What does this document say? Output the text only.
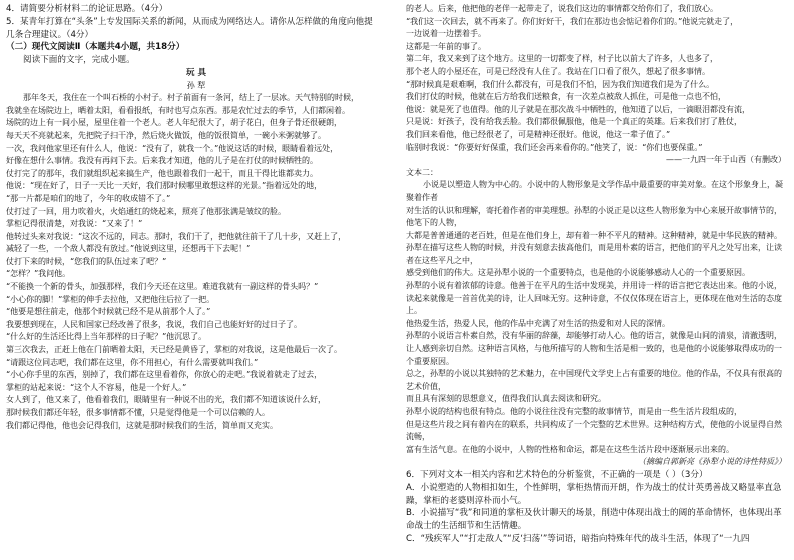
4．请简要分析材料二的论证思路。（4分）

5．某青年打算在“头条”上专发国际关系的新闻，从而成为网络达人。请你从怎样做的角度向他提

几条合理建议。（4分）

（二）现代文阅读Ⅱ（本题共4小题，共18分）

阅读下面的文字，完成小题。

玩 具

孙 犁

那年冬天，我住在一个叫石桥的小村子。村子前面有一条河，结上了一层冰。天气特别的时候，

我就坐在场院边上，晒着太阳，看看报纸，有时也写点东西。那是农忙过去的季节，人们都闲着。

场院的边上有一间小屋，屋里住着一个老人。老人年纪很大了，胡子花白，但身子骨还很硬朗，

每天天不亮就起来，先把院子扫干净，然后烧火做饭，他的饭很简单，一碗小米粥就够了。

一次，我问他家里还有什么人，他说：“没有了，就我一个。”他说这话的时候，眼睛看着远处，

好像在想什么事情。我没有再问下去。后来我才知道，他的儿子是在打仗的时候牺牲的。

仗打完了的那年，我们就组织起来搞生产，他也跟着我们一起干，而且干得比谁都卖力。

他说：“现在好了，日子一天比一天好，我们那时候哪里敢想这样的光景。”指着远处的地，

“那一片都是咱们的地了，今年的收成错不了。”

仗打过了一回，用力吹着火，火焰通红的烧起来，照亮了他那张满是皱纹的脸。

掌柜记得很清楚，对我说：“又来了！”

他转过头来对我说：“这次不远的，同志。那时，我们干了，把他就往前干了几十步，又赶上了，

减轻了一些，一个敌人都没有放过。”他说到这里，还想再干下去呢！”

仗打下来的时候，“您我们的队伍过来了吧？”

“怎样？”我问他。

“不能换一个新的骨头，加强那样，我们今天还在这里。难道我就有一副这样的骨头吗？”

“小心你的脚！”掌柜的伸手去拉他，又把他往后拉了一把。

“他要是想往前走，他那个时候就已经不是从前那个人了。”

我要想到现在，人民和国家已经改善了很多，我说，我们自己也能好好的过日子了。

“什么好的生活还比得上当年那样的日子呢？”他沉思了。

第三次我去，正赶上他在门前晒着太阳，天已经是黄昏了，掌柜的对我说，这是他最后一次了。

“请跟这位同志吧，我们都在这里，你不用担心，有什么需要就叫我们。”

“小心你手里的东西，别掉了，我们都在这里看着你，你放心的走吧。”我说着就走了过去，

掌柜的站起来说：“这个人不容易，他是一个好人。”

女人到了，他又来了，他看着我们，眼睛里有一种说不出的光，我们都不知道该说什么好，

那时候我们都还年轻，很多事情都不懂，只是觉得他是一个可以信赖的人。

我们都记得他，他也会记得我们，这就是那时候我们的生活，简单而又充实。

的老人。后来，他把他的老伴一起带走了，说我们这边的事情都交给你们了，我们放心。

“我们这一次回去，就不再来了。你们好好干，我们在那边也会惦记着你们的。”他说完就走了，

一边说着一边摆着手。

这都是一年前的事了。

第二年，我又来到了这个地方。这里的一切都变了样，村子比以前大了许多，人也多了，

那个老人的小屋还在，可是已经没有人住了。我站在门口看了很久，想起了很多事情。

“那时候真是艰难啊，我们什么都没有，可是我们不怕，因为我们知道我们是为了什么。

我们打仗的时候，他就在后方给我们送粮食，有一次差点被敌人抓住，可是他一点也不怕，

他说：就是死了也值得。他的儿子就是在那次战斗中牺牲的，他知道了以后，一滴眼泪都没有流，

只是说：好孩子，没有给我丢脸。我们都很佩服他，他是一个真正的英雄。后来我们打了胜仗，

我们回来看他，他已经很老了，可是精神还很好。他说，他这一辈子值了。”

临别时我说：“你要好好保重，我们还会再来看你的。”他笑了，说：“你们也要保重。”

——一九四一年于山西（有删改）

文本二：

小说是以塑造人物为中心的。小说中的人物形象是文学作品中最重要的审美对象。在这个形象身上，凝聚着作者

对生活的认识和理解，寄托着作者的审美理想。孙犁的小说正是以这些人物形象为中心来展开故事情节的，他笔下的人物，

大都是普普通通的老百姓，但是在他们身上，却有着一种不平凡的精神。这种精神，就是中华民族的精神。

孙犁在描写这些人物的时候，并没有刻意去拔高他们，而是用朴素的语言，把他们的平凡之处写出来，让读者在这些平凡之中，

感受到他们的伟大。这是孙犁小说的一个重要特点，也是他的小说能够感动人心的一个重要原因。

孙犁的小说有着浓郁的诗意。他善于在平凡的生活中发现美，并用诗一样的语言把它表达出来。他的小说，

读起来就像是一首首优美的诗，让人回味无穷。这种诗意，不仅仅体现在语言上，更体现在他对生活的态度上。

他热爱生活，热爱人民，他的作品中充满了对生活的热爱和对人民的深情。

孙犁的小说语言朴素自然，没有华丽的辞藻，却能够打动人心。他的语言，就像是山间的清泉，清澈透明，

让人感到亲切自然。这种语言风格，与他所描写的人物和生活是相一致的，也是他的小说能够取得成功的一个重要原因。

总之，孙犁的小说以其独特的艺术魅力，在中国现代文学史上占有重要的地位。他的作品，不仅具有很高的艺术价值，

而且具有深刻的思想意义，值得我们认真去阅读和研究。

孙犁小说的结构也很有特点。他的小说往往没有完整的故事情节，而是由一些生活片段组成的，

但是这些片段之间有着内在的联系，共同构成了一个完整的艺术世界。这种结构方式，使他的小说显得自然流畅，

富有生活气息。在他的小说中，人物的性格和命运，都是在这些生活片段中逐渐展示出来的。

（摘编自郭新亮《孙犁小说的诗性特质》）

6．下列对文本一相关内容和艺术特色的分析鉴赏，不正确的一项是（ ）（3分）

A．小说塑造的人物相扣如生，个性鲜明，掌柜热情而开朗，作为战士的仗计英勇善战又略显率直急躁，掌柜的老婆则淳朴而小气。

B．小说描写“我”和同道的掌柜及伙计聊天的场景，削造中体现出战士的阔的革命情怀，也体现出革命战士的生活细节和生活情趣。

C．“残疾军人”“打走敌人”“反‘扫荡’”等词语，暗指向特殊年代的战斗生活，体现了“一九四
